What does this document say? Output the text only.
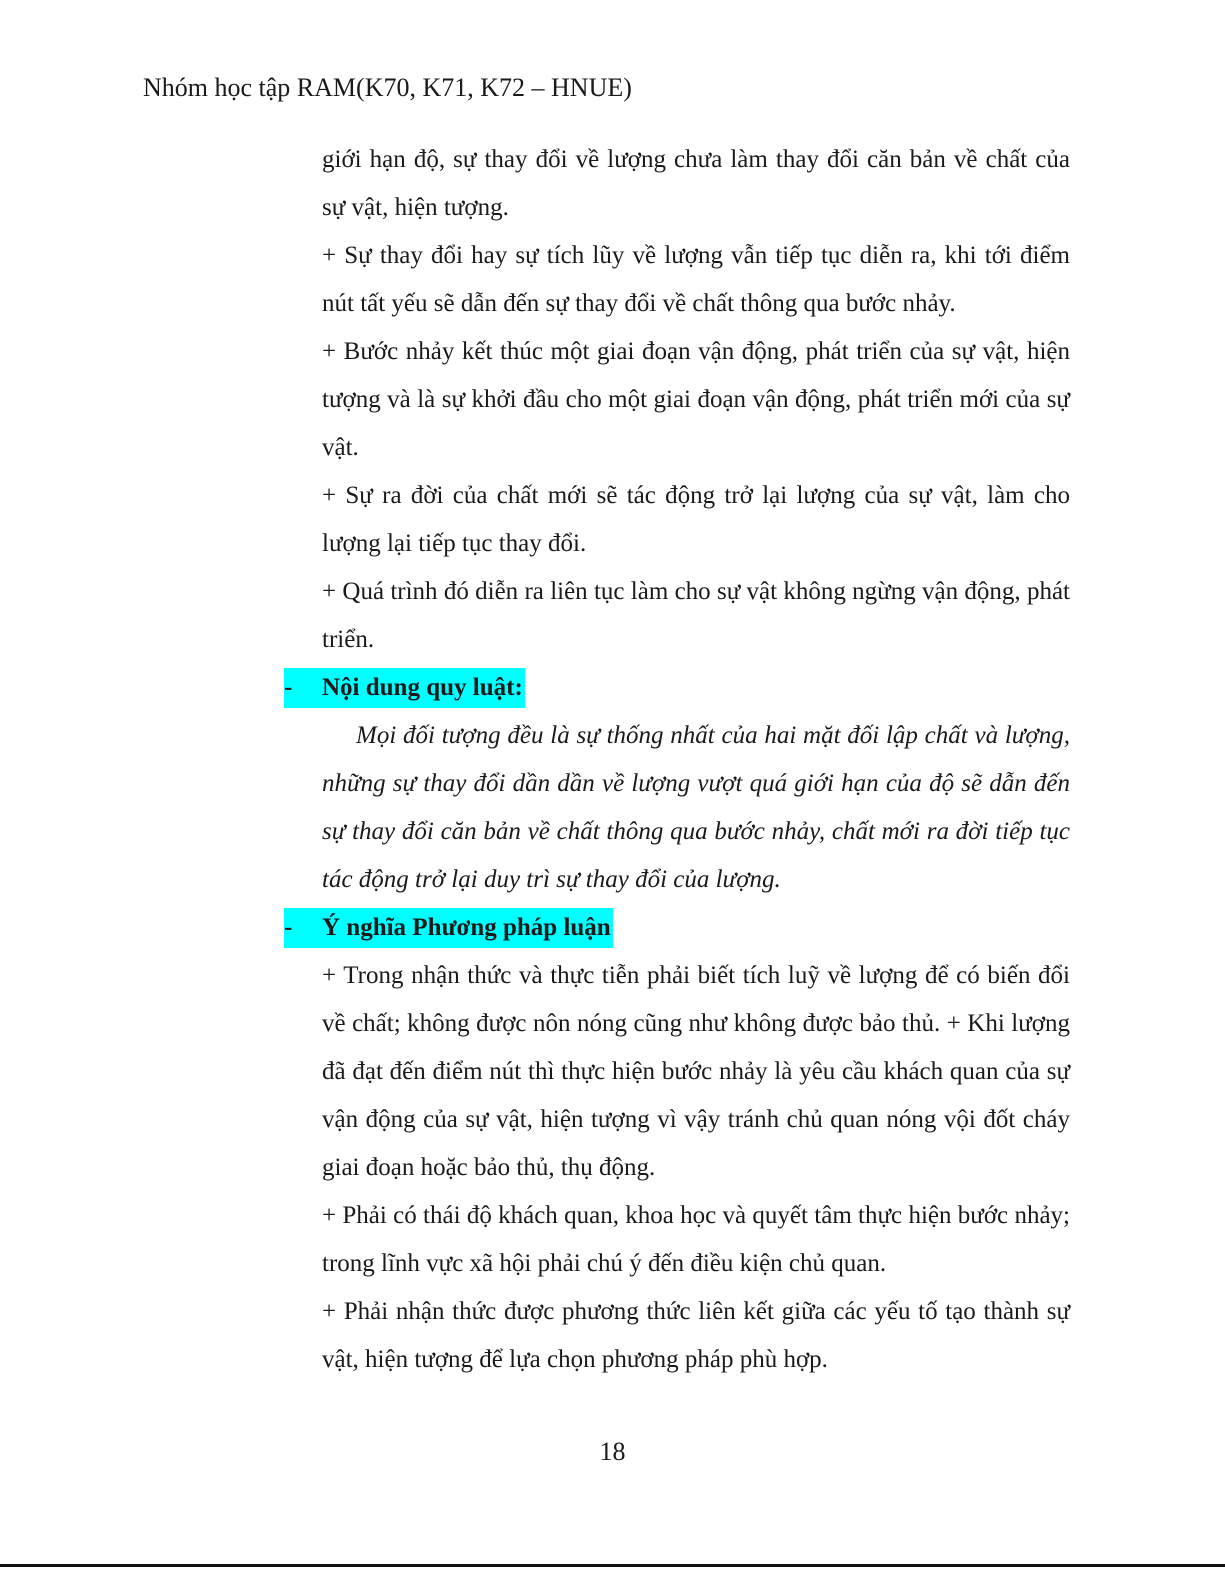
Nhóm học tập RAM(K70, K71, K72 – HNUE)

giới hạn độ, sự thay đổi về lượng chưa làm thay đổi căn bản về chất của sự vật, hiện tượng.

+ Sự thay đổi hay sự tích lũy về lượng vẫn tiếp tục diễn ra, khi tới điểm nút tất yếu sẽ dẫn đến sự thay đổi về chất thông qua bước nhảy.

+ Bước nhảy kết thúc một giai đoạn vận động, phát triển của sự vật, hiện tượng và là sự khởi đầu cho một giai đoạn vận động, phát triển mới của sự vật.

+ Sự ra đời của chất mới sẽ tác động trở lại lượng của sự vật, làm cho lượng lại tiếp tục thay đổi.

+ Quá trình đó diễn ra liên tục làm cho sự vật không ngừng vận động, phát triển.

- Nội dung quy luật:

Mọi đối tượng đều là sự thống nhất của hai mặt đối lập chất và lượng, những sự thay đổi dần dần về lượng vượt quá giới hạn của độ sẽ dẫn đến sự thay đổi căn bản về chất thông qua bước nhảy, chất mới ra đời tiếp tục tác động trở lại duy trì sự thay đổi của lượng.

- Ý nghĩa Phương pháp luận

+ Trong nhận thức và thực tiễn phải biết tích luỹ về lượng để có biến đổi về chất; không được nôn nóng cũng như không được bảo thủ. + Khi lượng đã đạt đến điểm nút thì thực hiện bước nhảy là yêu cầu khách quan của sự vận động của sự vật, hiện tượng vì vậy tránh chủ quan nóng vội đốt cháy giai đoạn hoặc bảo thủ, thụ động.

+ Phải có thái độ khách quan, khoa học và quyết tâm thực hiện bước nhảy; trong lĩnh vực xã hội phải chú ý đến điều kiện chủ quan.

+ Phải nhận thức được phương thức liên kết giữa các yếu tố tạo thành sự vật, hiện tượng để lựa chọn phương pháp phù hợp.

18
